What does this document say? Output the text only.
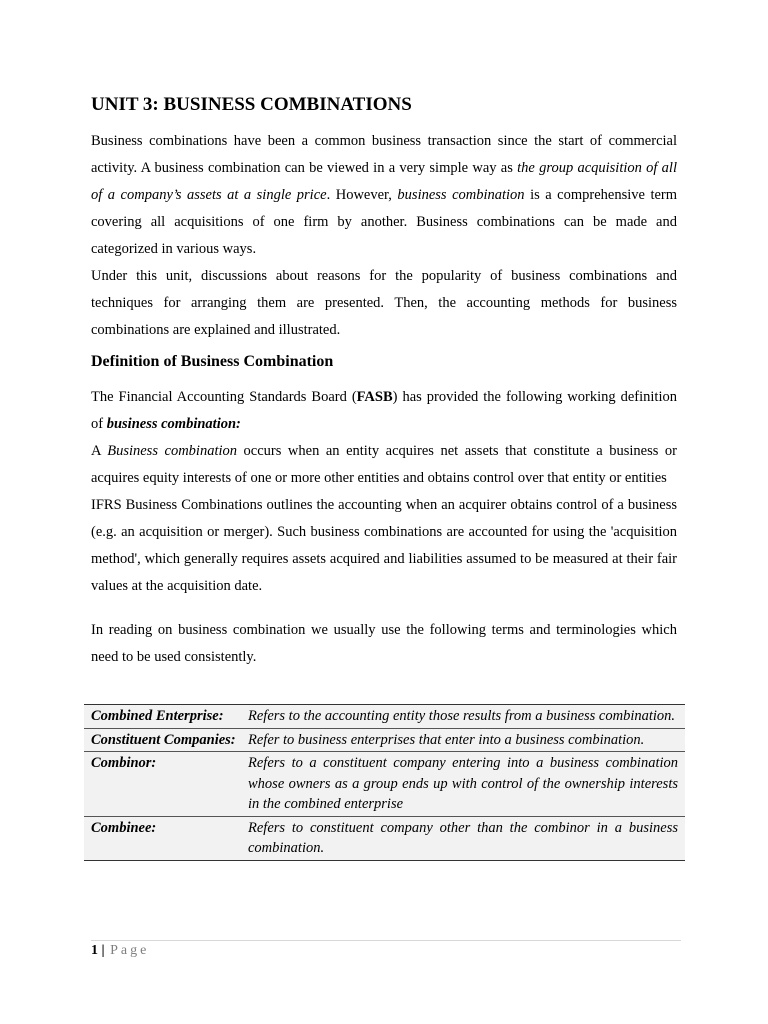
UNIT 3: BUSINESS COMBINATIONS

Business combinations have been a common business transaction since the start of commercial activity. A business combination can be viewed in a very simple way as the group acquisition of all of a company’s assets at a single price. However, business combination is a comprehensive term covering all acquisitions of one firm by another. Business combinations can be made and categorized in various ways.

Under this unit, discussions about reasons for the popularity of business combinations and techniques for arranging them are presented. Then, the accounting methods for business combinations are explained and illustrated.

Definition of Business Combination

The Financial Accounting Standards Board (FASB) has provided the following working definition of business combination:

A Business combination occurs when an entity acquires net assets that constitute a business or acquires equity interests of one or more other entities and obtains control over that entity or entities

IFRS Business Combinations outlines the accounting when an acquirer obtains control of a business (e.g. an acquisition or merger). Such business combinations are accounted for using the 'acquisition method', which generally requires assets acquired and liabilities assumed to be measured at their fair values at the acquisition date.

In reading on business combination we usually use the following terms and terminologies which need to be used consistently.

Combined Enterprise:	Refers to the accounting entity those results from a business combination.
Constituent Companies:	Refer to business enterprises that enter into a business combination.
Combinor:	Refers to a constituent company entering into a business combination whose owners as a group ends up with control of the ownership interests in the combined enterprise
Combinee:	Refers to constituent company other than the combinor in a business combination.
1 | Page
